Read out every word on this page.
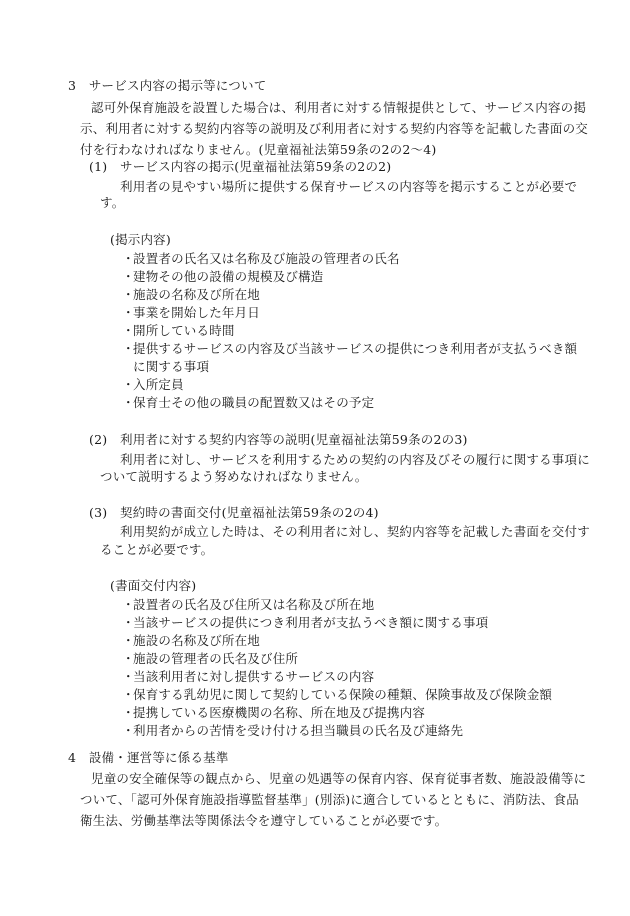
3　サービス内容の掲示等について
認可外保育施設を設置した場合は、利用者に対する情報提供として、サービス内容の掲
示、利用者に対する契約内容等の説明及び利用者に対する契約内容等を記載した書面の交
付を行わなければなりません。(児童福祉法第59条の2の2〜4)
(1)　サービス内容の掲示(児童福祉法第59条の2の2)
利用者の見やすい場所に提供する保育サービスの内容等を掲示することが必要で
す。
(掲示内容)
・設置者の氏名又は名称及び施設の管理者の氏名
・建物その他の設備の規模及び構造
・施設の名称及び所在地
・事業を開始した年月日
・開所している時間
・提供するサービスの内容及び当該サービスの提供につき利用者が支払うべき額
に関する事項
・入所定員
・保育士その他の職員の配置数又はその予定
(2)　利用者に対する契約内容等の説明(児童福祉法第59条の2の3)
利用者に対し、サービスを利用するための契約の内容及びその履行に関する事項に
ついて説明するよう努めなければなりません。
(3)　契約時の書面交付(児童福祉法第59条の2の4)
利用契約が成立した時は、その利用者に対し、契約内容等を記載した書面を交付す
ることが必要です。
(書面交付内容)
・設置者の氏名及び住所又は名称及び所在地
・当該サービスの提供につき利用者が支払うべき額に関する事項
・施設の名称及び所在地
・施設の管理者の氏名及び住所
・当該利用者に対し提供するサービスの内容
・保育する乳幼児に関して契約している保険の種類、保険事故及び保険金額
・提携している医療機関の名称、所在地及び提携内容
・利用者からの苦情を受け付ける担当職員の氏名及び連絡先
4　設備・運営等に係る基準
児童の安全確保等の観点から、児童の処遇等の保育内容、保育従事者数、施設設備等に
ついて、「認可外保育施設指導監督基準」(別添)に適合しているとともに、消防法、食品
衛生法、労働基準法等関係法令を遵守していることが必要です。
